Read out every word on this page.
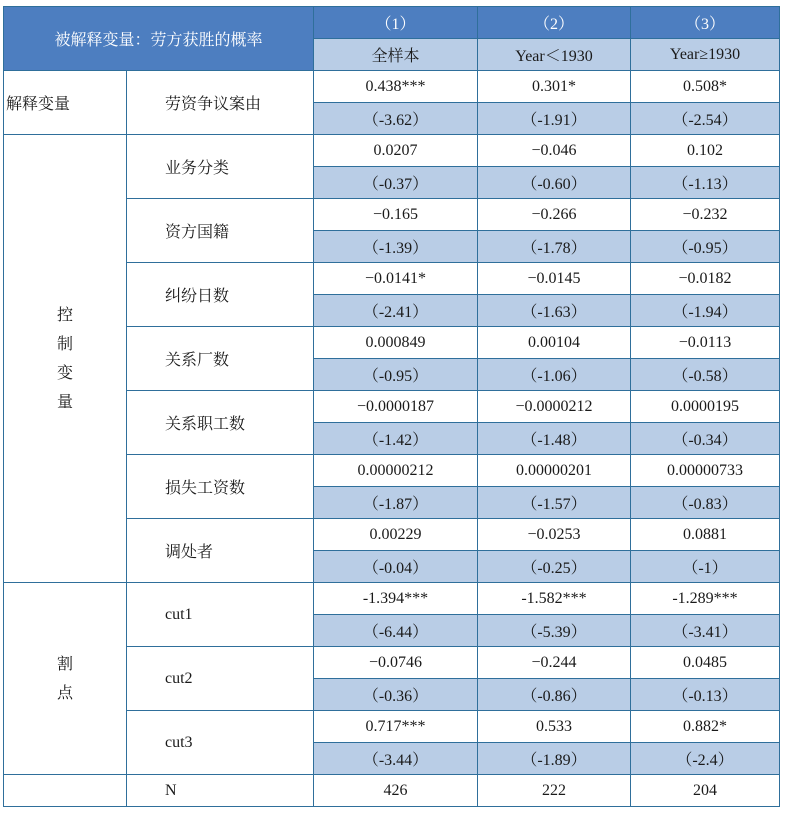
被解释变量：劳方获胜的概率		（1）	（2）	（3）
		全样本	Year＜1930	Year≥1930
解释变量	劳资争议案由	0.438***	0.301*	0.508*
		（-3.62）	（-1.91）	（-2.54）

控
制
变
量	业务分类	0.0207	−0.046	0.102
		（-0.37）	（-0.60）	（-1.13）
	资方国籍	−0.165	−0.266	−0.232
		（-1.39）	（-1.78）	（-0.95）
	纠纷日数	−0.0141*	−0.0145	−0.0182
		（-2.41）	（-1.63）	（-1.94）
	关系厂数	0.000849	0.00104	−0.0113
		（-0.95）	（-1.06）	（-0.58）
	关系职工数	−0.0000187	−0.0000212	0.0000195
		（-1.42）	（-1.48）	（-0.34）
	损失工资数	0.00000212	0.00000201	0.00000733
		（-1.87）	（-1.57）	（-0.83）
	调处者	0.00229	−0.0253	0.0881
		（-0.04）	（-0.25）	（-1）

割
点	cut1	-1.394***	-1.582***	-1.289***
		（-6.44）	（-5.39）	（-3.41）
	cut2	−0.0746	−0.244	0.0485
		（-0.36）	（-0.86）	（-0.13）
	cut3	0.717***	0.533	0.882*
		（-3.44）	（-1.89）	（-2.4）
	N	426	222	204
